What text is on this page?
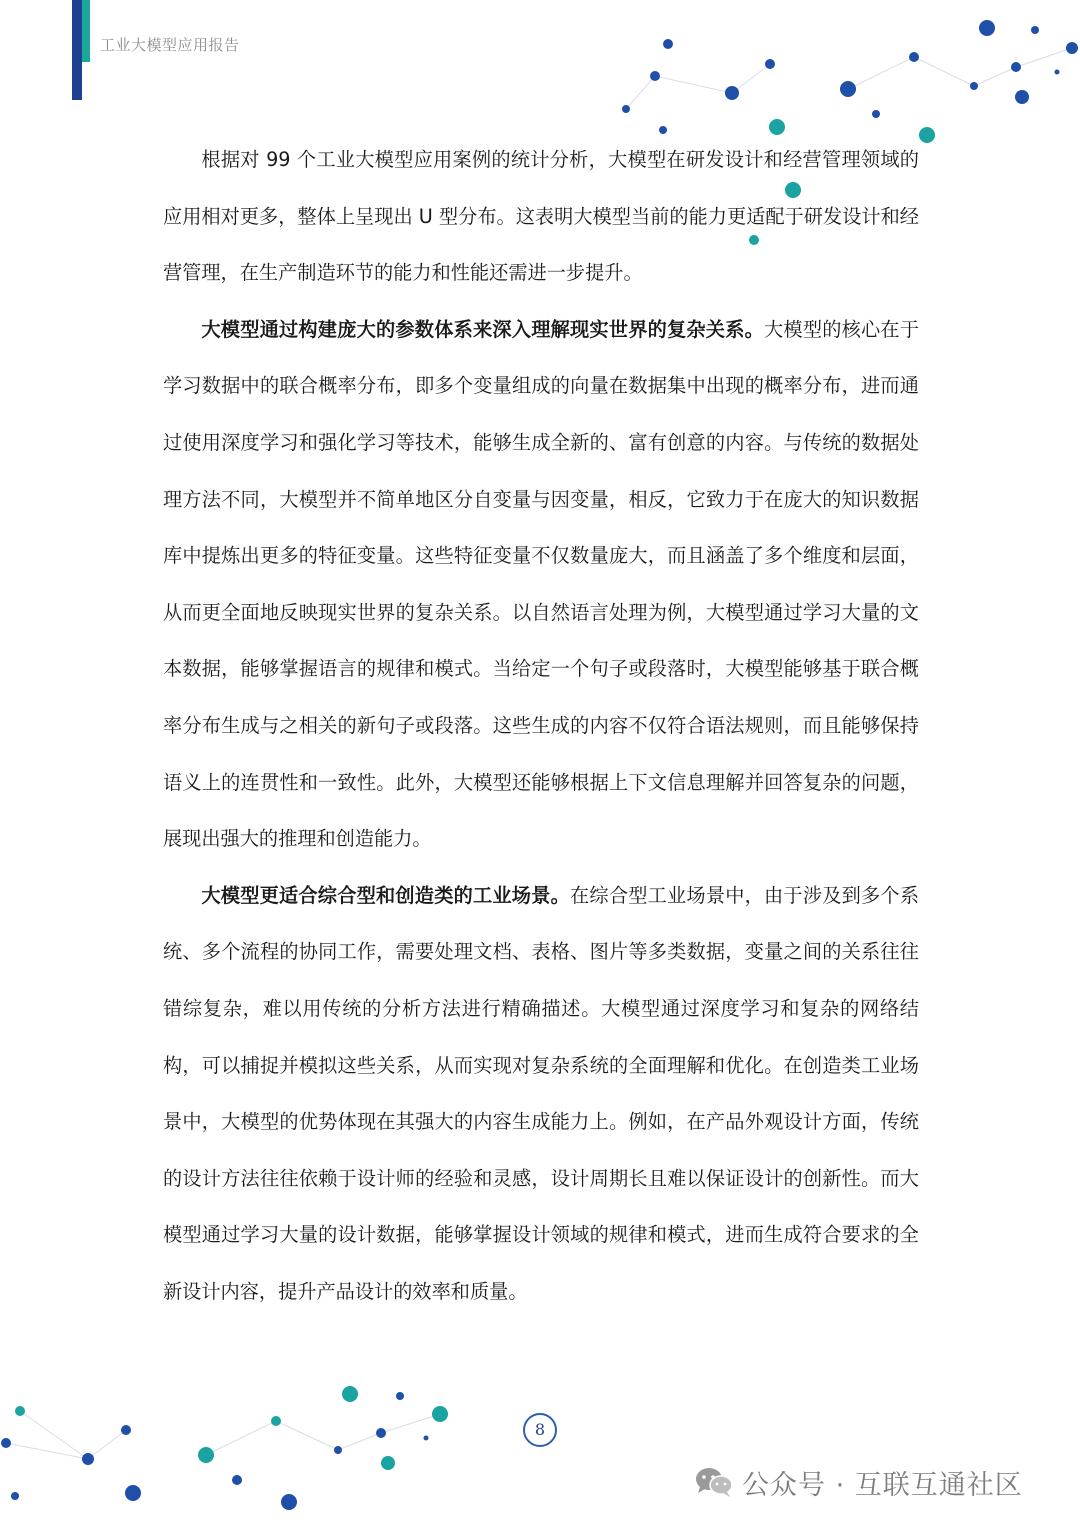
工业大模型应用报告

根据对 99 个工业大模型应用案例的统计分析，大模型在研发设计和经营管理领域的应用相对更多，整体上呈现出 U 型分布。这表明大模型当前的能力更适配于研发设计和经营管理，在生产制造环节的能力和性能还需进一步提升。

大模型通过构建庞大的参数体系来深入理解现实世界的复杂关系。大模型的核心在于学习数据中的联合概率分布，即多个变量组成的向量在数据集中出现的概率分布，进而通过使用深度学习和强化学习等技术，能够生成全新的、富有创意的内容。与传统的数据处理方法不同，大模型并不简单地区分自变量与因变量，相反，它致力于在庞大的知识数据库中提炼出更多的特征变量。这些特征变量不仅数量庞大，而且涵盖了多个维度和层面，从而更全面地反映现实世界的复杂关系。以自然语言处理为例，大模型通过学习大量的文本数据，能够掌握语言的规律和模式。当给定一个句子或段落时，大模型能够基于联合概率分布生成与之相关的新句子或段落。这些生成的内容不仅符合语法规则，而且能够保持语义上的连贯性和一致性。此外，大模型还能够根据上下文信息理解并回答复杂的问题，展现出强大的推理和创造能力。

大模型更适合综合型和创造类的工业场景。在综合型工业场景中，由于涉及到多个系统、多个流程的协同工作，需要处理文档、表格、图片等多类数据，变量之间的关系往往错综复杂，难以用传统的分析方法进行精确描述。大模型通过深度学习和复杂的网络结构，可以捕捉并模拟这些关系，从而实现对复杂系统的全面理解和优化。在创造类工业场景中，大模型的优势体现在其强大的内容生成能力上。例如，在产品外观设计方面，传统的设计方法往往依赖于设计师的经验和灵感，设计周期长且难以保证设计的创新性。而大模型通过学习大量的设计数据，能够掌握设计领域的规律和模式，进而生成符合要求的全新设计内容，提升产品设计的效率和质量。

8
公众号 · 互联互通社区
